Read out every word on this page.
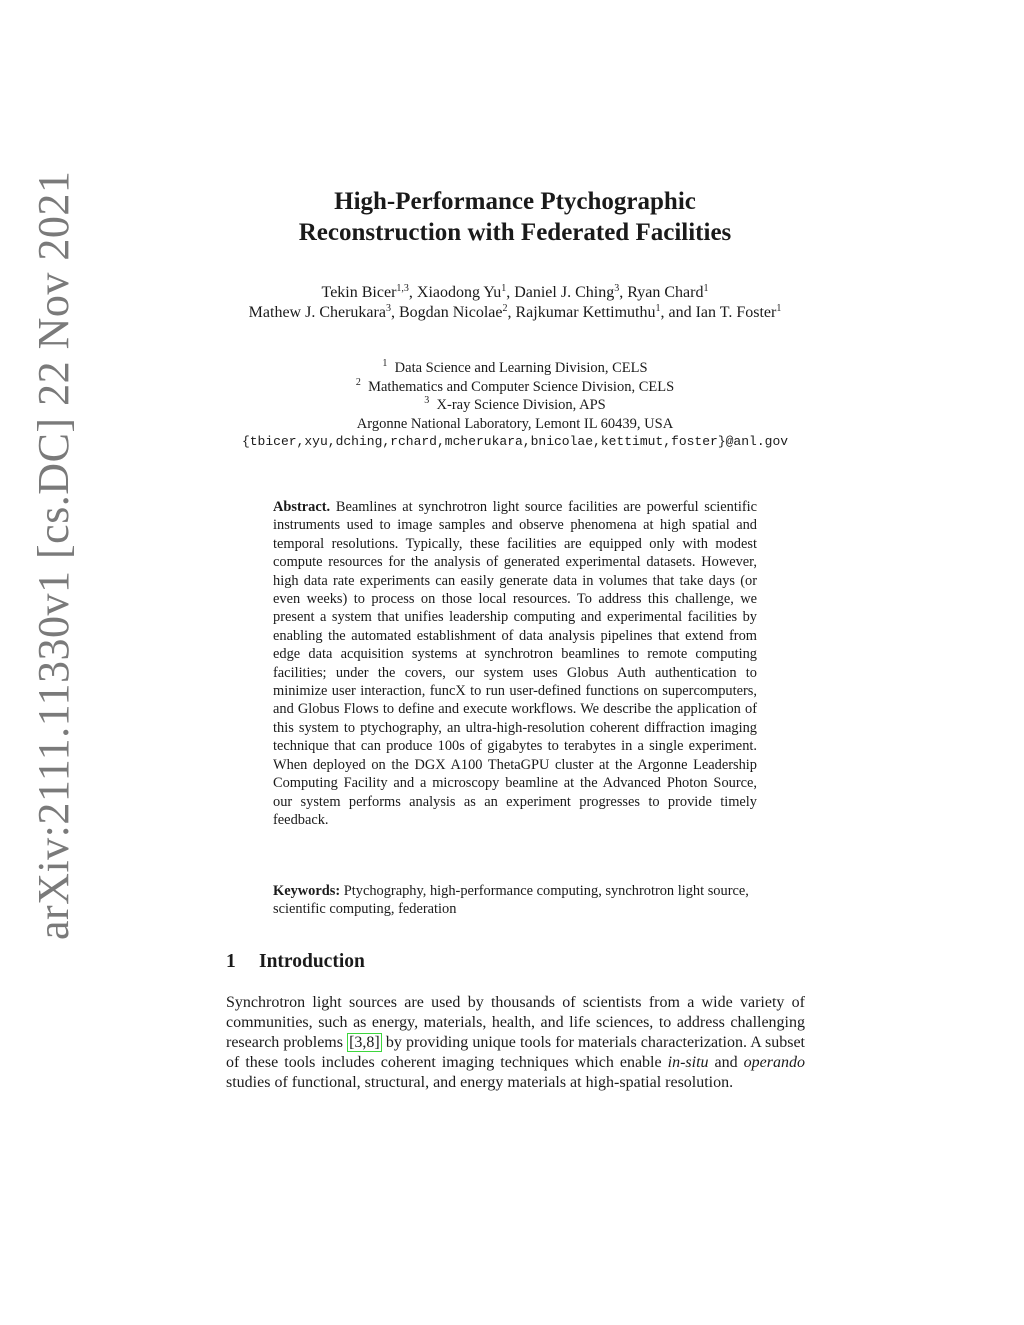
arXiv:2111.11330v1 [cs.DC] 22 Nov 2021	High-Performance Ptychographic
Reconstruction with Federated Facilities
Tekin Bicer$^{1,3}$, Xiaodong Yu$^1$, Daniel J. Ching$^3$, Ryan Chard$^1$
Mathew J. Cherukara$^3$, Bogdan Nicolae$^2$, Rajkumar Kettimuthu$^1$, and Ian T. Foster$^1$
$^1$ Data Science and Learning Division, CELS
$^2$ Mathematics and Computer Science Division, CELS
$^3$ X-ray Science Division, APS
Argonne National Laboratory, Lemont IL 60439, USA
{tbicer,xyu,dching,rchard,mcherukara,bnicolae,kettimut,foster}@anl.gov
Abstract. Beamlines at synchrotron light source facilities are powerful scientific instruments used to image samples and observe phenomena at high spatial and temporal resolutions. Typically, these facilities are equipped only with modest compute resources for the analysis of generated experimental datasets. However, high data rate experiments can easily generate data in volumes that take days (or even weeks) to process on those local resources. To address this challenge, we present a system that unifies leadership computing and experimental facilities by enabling the automated establishment of data analysis pipelines that extend from edge data acquisition systems at synchrotron beamlines to remote computing facilities; under the covers, our system uses Globus Auth authentication to minimize user interaction, funcX to run user-defined functions on supercomputers, and Globus Flows to define and execute workflows. We describe the application of this system to ptychography, an ultra-high-resolution coherent diffraction imaging technique that can produce 100s of gigabytes to terabytes in a single experiment. When deployed on the DGX A100 ThetaGPU cluster at the Argonne Leadership Computing Facility and a microscopy beamline at the Advanced Photon Source, our system performs analysis as an experiment progresses to provide timely feedback.
Keywords: Ptychography, high-performance computing, synchrotron light source, scientific computing, federation
1 Introduction
Synchrotron light sources are used by thousands of scientists from a wide variety of communities, such as energy, materials, health, and life sciences, to address challenging research problems [3,8] by providing unique tools for materials characterization. A subset of these tools includes coherent imaging techniques which enable in-situ and operando studies of functional, structural, and energy materials at high-spatial resolution.
